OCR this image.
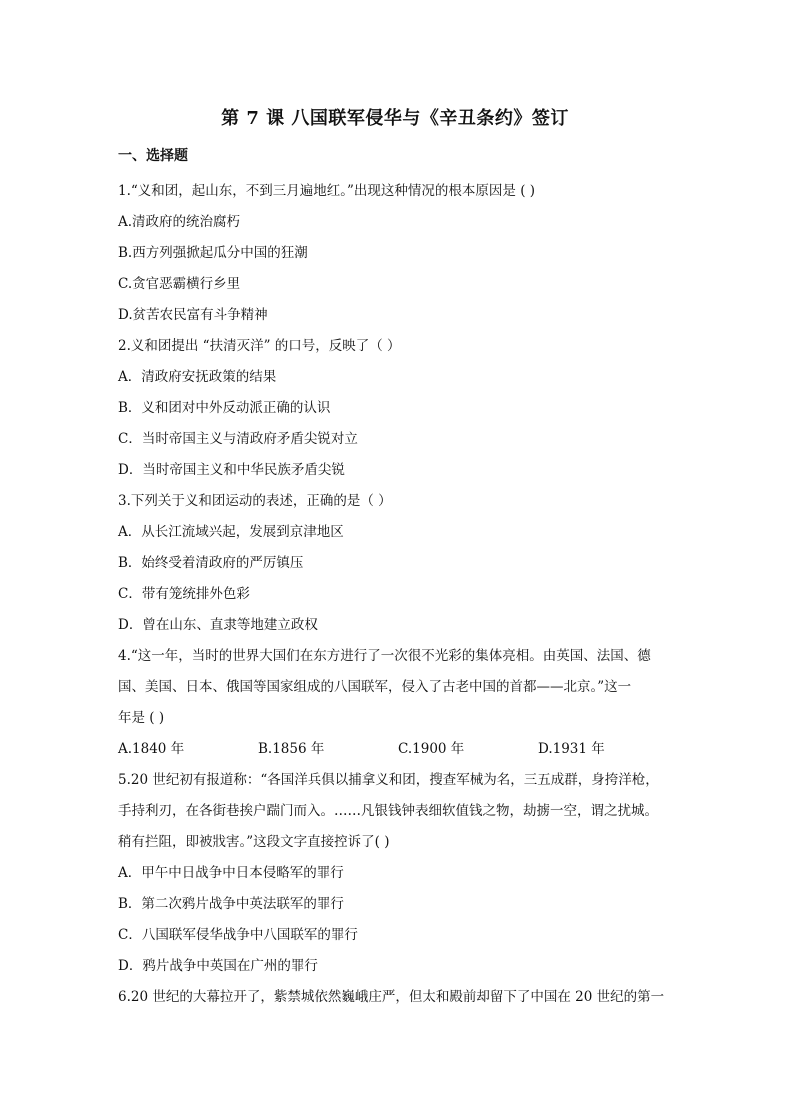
第 7 课 八国联军侵华与《辛丑条约》签订
一、选择题
1.“义和团，起山东，不到三月遍地红。”出现这种情况的根本原因是 ( )
A.清政府的统治腐朽
B.西方列强掀起瓜分中国的狂潮
C.贪官恶霸横行乡里
D.贫苦农民富有斗争精神
2.义和团提出 “扶清灭洋” 的口号，反映了（ ）
A．清政府安抚政策的结果
B．义和团对中外反动派正确的认识
C．当时帝国主义与清政府矛盾尖锐对立
D．当时帝国主义和中华民族矛盾尖锐
3.下列关于义和团运动的表述，正确的是（ ）
A．从长江流域兴起，发展到京津地区
B．始终受着清政府的严厉镇压
C．带有笼统排外色彩
D．曾在山东、直隶等地建立政权
4.“这一年，当时的世界大国们在东方进行了一次很不光彩的集体亮相。由英国、法国、德
国、美国、日本、俄国等国家组成的八国联军，侵入了古老中国的首都——北京。”这一
年是 ( )
A.1840 年	B.1856 年	C.1900 年	D.1931 年
5.20 世纪初有报道称：“各国洋兵俱以捕拿义和团，搜查军械为名，三五成群，身挎洋枪，
手持利刃，在各街巷挨户踹门而入。……凡银钱钟表细软值钱之物，劫掳一空，谓之扰城。
稍有拦阻，即被戕害。”这段文字直接控诉了( )
A．甲午中日战争中日本侵略军的罪行
B．第二次鸦片战争中英法联军的罪行
C．八国联军侵华战争中八国联军的罪行
D．鸦片战争中英国在广州的罪行
6.20 世纪的大幕拉开了，紫禁城依然巍峨庄严，但太和殿前却留下了中国在 20 世纪的第一
